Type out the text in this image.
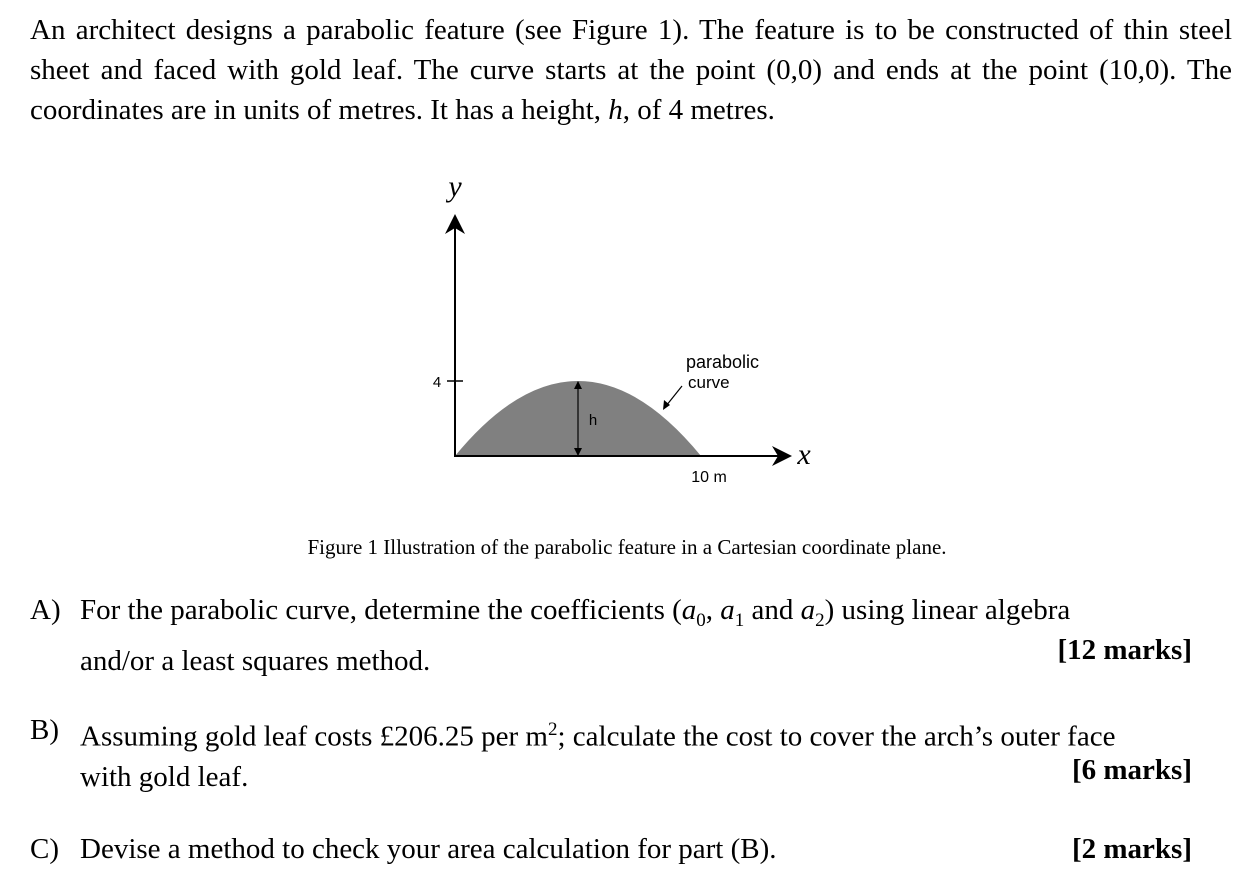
An architect designs a parabolic feature (see Figure 1). The feature is to be constructed of thin steel sheet and faced with gold leaf. The curve starts at the point (0,0) and ends at the point (10,0). The coordinates are in units of metres. It has a height, h, of 4 metres.

4
h
parabolic
curve
10 m
y
x
Figure 1 Illustration of the parabolic feature in a Cartesian coordinate plane.
A) For the parabolic curve, determine the coefficients ($a_0$, $a_1$ and $a_2$) using linear algebra
and/or a least squares method.	[12 marks]
B) Assuming gold leaf costs £206.25 per $m^2$; calculate the cost to cover the arch’s outer face
with gold leaf.	[6 marks]
C) Devise a method to check your area calculation for part (B).	[2 marks]
